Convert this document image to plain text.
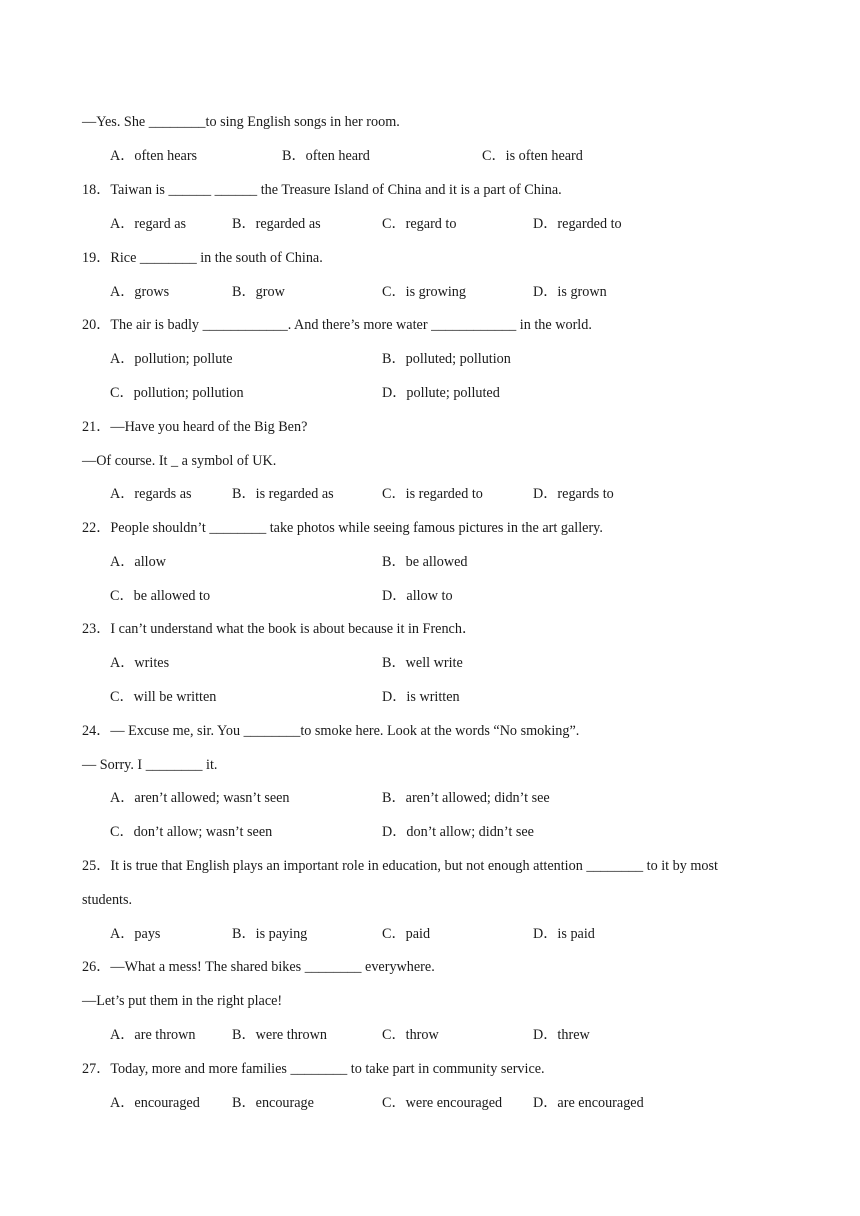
—Yes. She ________to sing English songs in her room.
A．often hears	B．often heard	C．is often heard
18．Taiwan is ______ ______ the Treasure Island of China and it is a part of China.
A．regard as	B．regarded as	C．regard to	D．regarded to
19．Rice ________ in the south of China.
A．grows	B．grow	C．is growing	D．is grown
20．The air is badly ____________. And there’s more water ____________ in the world.
A．pollution; pollute	B．polluted; pollution
C．pollution; pollution	D．pollute; polluted
21．—Have you heard of the Big Ben?
—Of course. It _ a symbol of UK.
A．regards as	B．is regarded as	C．is regarded to	D．regards to
22．People shouldn’t ________ take photos while seeing famous pictures in the art gallery.
A．allow	B．be allowed
C．be allowed to	D．allow to
23．I can’t understand what the book is about because it in French．
A．writes	B．well write
C．will be written	D．is written
24．— Excuse me, sir. You ________to smoke here. Look at the words “No smoking”.
— Sorry. I ________ it.
A．aren’t allowed; wasn’t seen	B．aren’t allowed; didn’t see
C．don’t allow; wasn’t seen	D．don’t allow; didn’t see
25．It is true that English plays an important role in education, but not enough attention ________ to it by most
students.
A．pays	B．is paying	C．paid	D．is paid
26．—What a mess! The shared bikes ________ everywhere.
—Let’s put them in the right place!
A．are thrown	B．were thrown	C．throw	D．threw
27．Today, more and more families ________ to take part in community service.
A．encouraged B．encourage	C．were encouraged D．are encouraged
